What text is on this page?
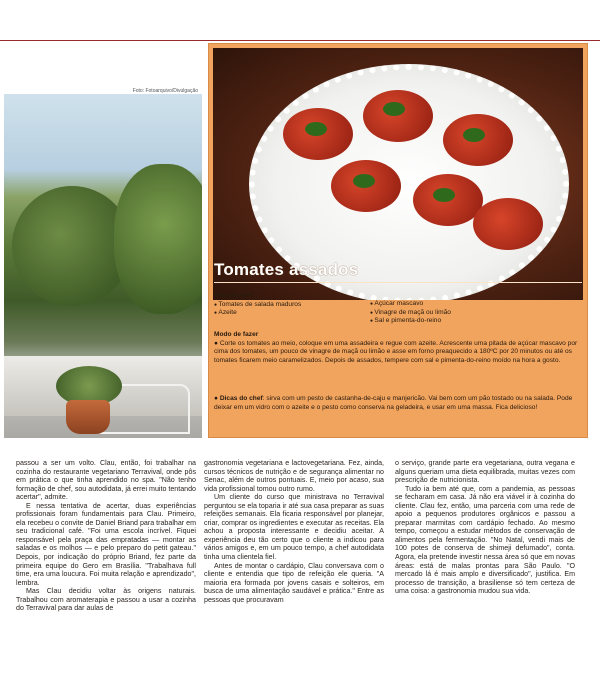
Foto: Fotoarquivo/Divulgação
Tomates assados
Ingredientes
● Tomates de salada maduros
● Azeite
● Açúcar mascavo
● Vinagre de maçã ou limão
● Sal e pimenta-do-reino
Modo de fazer
● Corte os tomates ao meio, coloque em uma assadeira e regue com azeite. Acrescente uma pitada de açúcar mascavo por cima dos tomates, um pouco de vinagre de maçã ou limão e asse em forno preaquecido a 180ºC por 20 minutos ou até os tomates ficarem meio caramelizados. Depois de assados, tempere com sal e pimenta-do-reino moído na hora a gosto.
● Dicas do chef: sirva com um pesto de castanha-de-caju e manjericão. Vai bem com um pão tostado ou na salada. Pode deixar em um vidro com o azeite e o pesto como conserva na geladeira, e usar em uma massa. Fica delicioso!

passou a ser um volto. Clau, então, foi trabalhar na cozinha do restaurante vegetariano Terravival, onde pôs em prática o que tinha aprendido no spa. "Não tenho formação de chef, sou autodidata, já errei muito tentando acertar", admite.

E nessa tentativa de acertar, duas experiências profissionais foram fundamentais para Clau. Primeiro, ela recebeu o convite de Daniel Briand para trabalhar em seu tradicional café. "Foi uma escola incrível. Fiquei responsável pela praça das empratadas — montar as saladas e os molhos — e pelo preparo do petit gateau." Depois, por indicação do próprio Briand, fez parte da primeira equipe do Gero em Brasília. "Trabalhava full time, era uma loucura. Foi muita relação e aprendizado", lembra.

Mas Clau decidiu voltar às origens naturais. Trabalhou com aromaterapia e passou a usar a cozinha do Terravival para dar aulas de

gastronomia vegetariana e lactovegetariana. Fez, ainda, cursos técnicos de nutrição e de segurança alimentar no Senac, além de outros pontuais. E, meio por acaso, sua vida profissional tomou outro rumo.

Um cliente do curso que ministrava no Terravival perguntou se ela toparia ir até sua casa preparar as suas refeições semanais. Ela ficaria responsável por planejar, criar, comprar os ingredientes e executar as receitas. Ela achou a proposta interessante e decidiu aceitar. A experiência deu tão certo que o cliente a indicou para vários amigos e, em um pouco tempo, a chef autodidata tinha uma clientela fiel.

Antes de montar o cardápio, Clau conversava com o cliente e entendia que tipo de refeição ele queria. "A maioria era formada por jovens casais e solteiros, em busca de uma alimentação saudável e prática." Entre as pessoas que procuravam

o serviço, grande parte era vegetariana, outra vegana e alguns queriam uma dieta equilibrada, muitas vezes com prescrição de nutricionista.

Tudo ia bem até que, com a pandemia, as pessoas se fecharam em casa. Já não era viável ir à cozinha do cliente. Clau fez, então, uma parceria com uma rede de apoio a pequenos produtores orgânicos e passou a preparar marmitas com cardápio fechado. Ao mesmo tempo, começou a estudar métodos de conservação de alimentos pela fermentação. "No Natal, vendi mais de 100 potes de conserva de shimeji defumado", conta. Agora, ela pretende investir nessa área só que em novas áreas: está de malas prontas para São Paulo. "O mercado lá é mais amplo e diversificado", justifica. Em processo de transição, a brasiliense só tem certeza de uma coisa: a gastronomia mudou sua vida.
